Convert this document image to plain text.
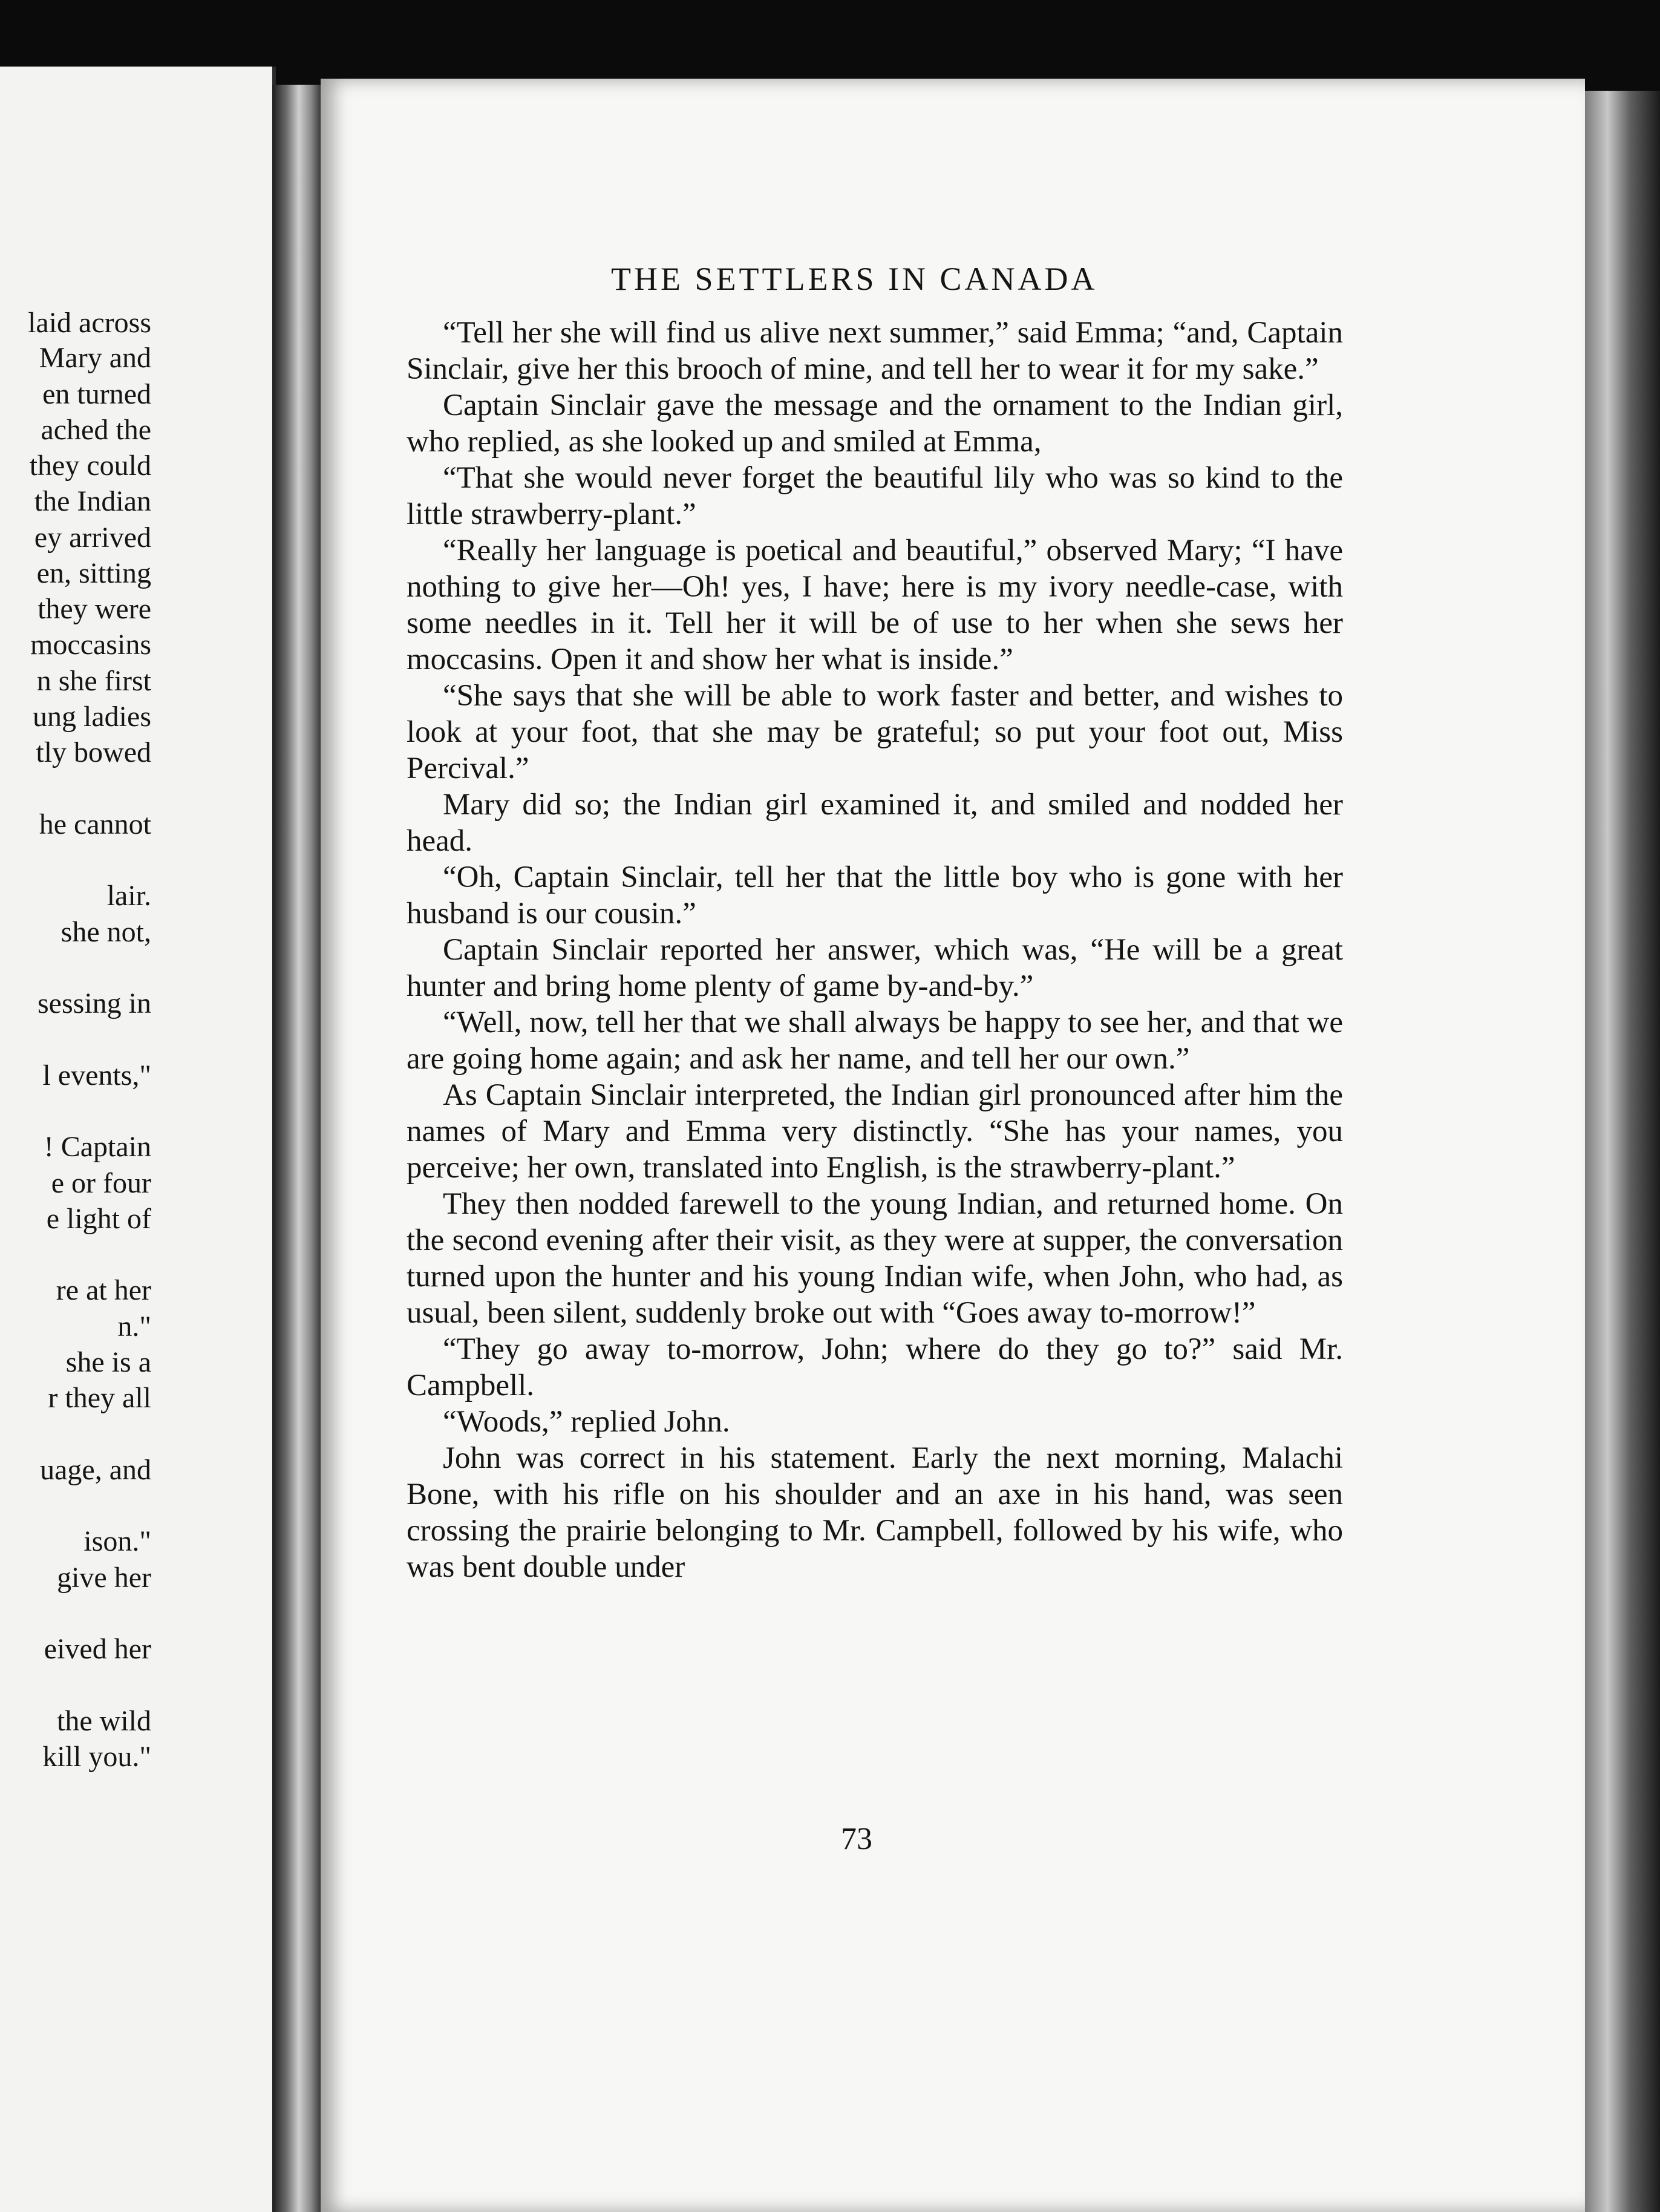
laid across
Mary and
en turned
ached the
they could
the Indian
ey arrived
en, sitting
they were
moccasins
n she first
ung ladies
tly bowed
he cannot
lair.
she not,
sessing in
l events,"
! Captain
e or four
e light of
re at her
n."
she is a
r they all
uage, and
ison."
give her
eived her
the wild
kill you."
THE SETTLERS IN CANADA

“Tell her she will find us alive next summer,” said Emma; “and, Captain Sinclair, give her this brooch of mine, and tell her to wear it for my sake.”

Captain Sinclair gave the message and the ornament to the Indian girl, who replied, as she looked up and smiled at Emma,

“That she would never forget the beautiful lily who was so kind to the little strawberry-plant.”

“Really her language is poetical and beautiful,” observed Mary; “I have nothing to give her—Oh! yes, I have; here is my ivory needle-case, with some needles in it. Tell her it will be of use to her when she sews her moccasins. Open it and show her what is inside.”

“She says that she will be able to work faster and better, and wishes to look at your foot, that she may be grateful; so put your foot out, Miss Percival.”

Mary did so; the Indian girl examined it, and smiled and nodded her head.

“Oh, Captain Sinclair, tell her that the little boy who is gone with her husband is our cousin.”

Captain Sinclair reported her answer, which was, “He will be a great hunter and bring home plenty of game by-and-by.”

“Well, now, tell her that we shall always be happy to see her, and that we are going home again; and ask her name, and tell her our own.”

As Captain Sinclair interpreted, the Indian girl pronounced after him the names of Mary and Emma very distinctly. “She has your names, you perceive; her own, translated into English, is the strawberry-plant.”

They then nodded farewell to the young Indian, and returned home. On the second evening after their visit, as they were at supper, the conversation turned upon the hunter and his young Indian wife, when John, who had, as usual, been silent, suddenly broke out with “Goes away to-morrow!”

“They go away to-morrow, John; where do they go to?” said Mr. Campbell.

“Woods,” replied John.

John was correct in his statement. Early the next morning, Malachi Bone, with his rifle on his shoulder and an axe in his hand, was seen crossing the prairie belonging to Mr. Campbell, followed by his wife, who was bent double under

73
